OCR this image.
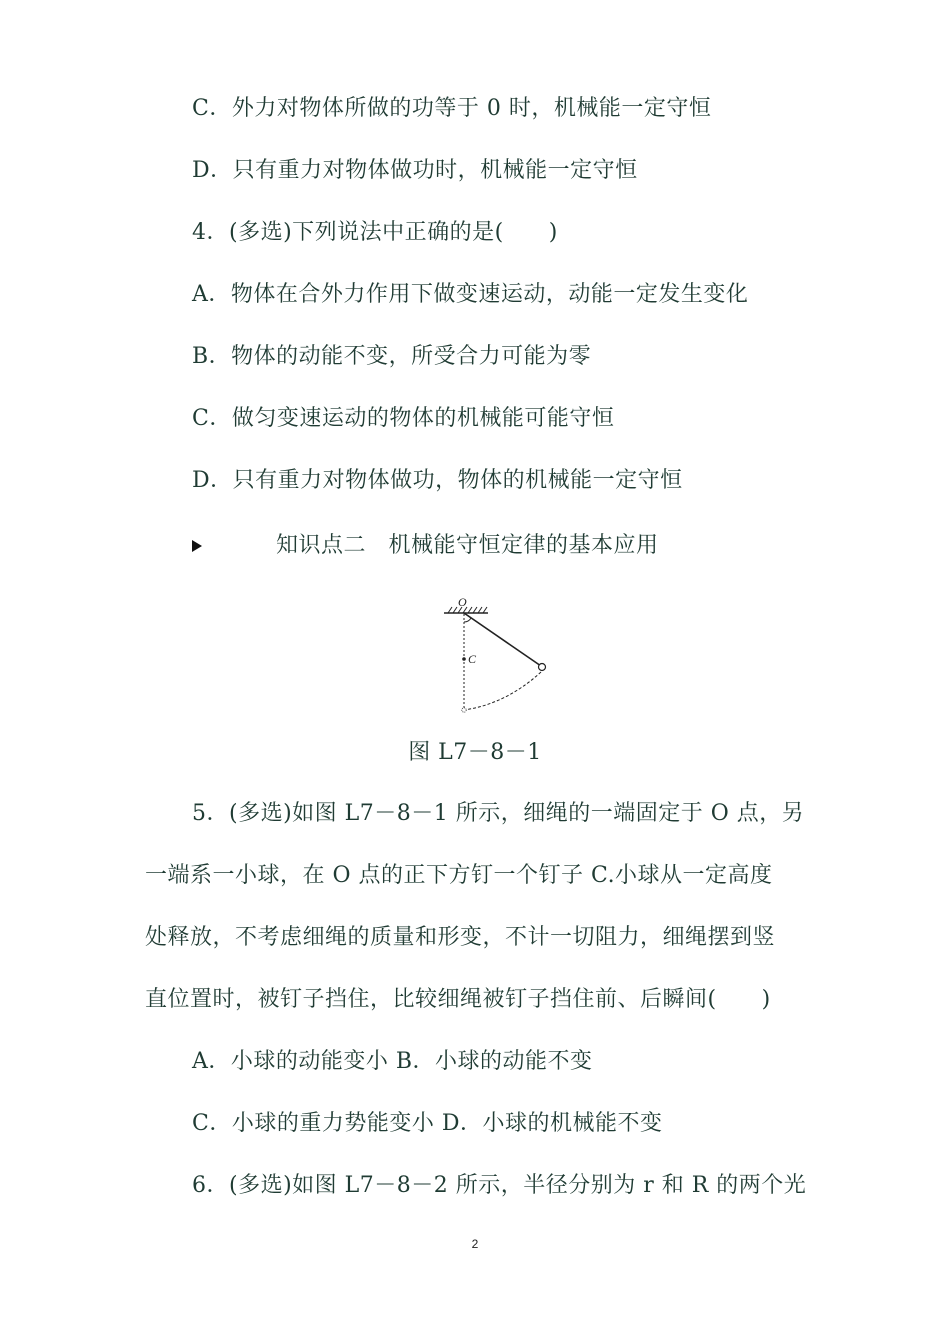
C．外力对物体所做的功等于 0 时，机械能一定守恒

D．只有重力对物体做功时，机械能一定守恒

4．(多选)下列说法中正确的是(　　)

A．物体在合外力作用下做变速运动，动能一定发生变化

B．物体的动能不变，所受合力可能为零

C．做匀变速运动的物体的机械能可能守恒

D．只有重力对物体做功，物体的机械能一定守恒

知识点二　机械能守恒定律的基本应用
O
C
图 L7－8－1

5．(多选)如图 L7－8－1 所示，细绳的一端固定于 O 点，另

一端系一小球，在 O 点的正下方钉一个钉子 C.小球从一定高度

处释放，不考虑细绳的质量和形变，不计一切阻力，细绳摆到竖

直位置时，被钉子挡住，比较细绳被钉子挡住前、后瞬间(　　)

A．小球的动能变小 B．小球的动能不变

C．小球的重力势能变小 D．小球的机械能不变

6．(多选)如图 L7－8－2 所示，半径分别为 r 和 R 的两个光

2
